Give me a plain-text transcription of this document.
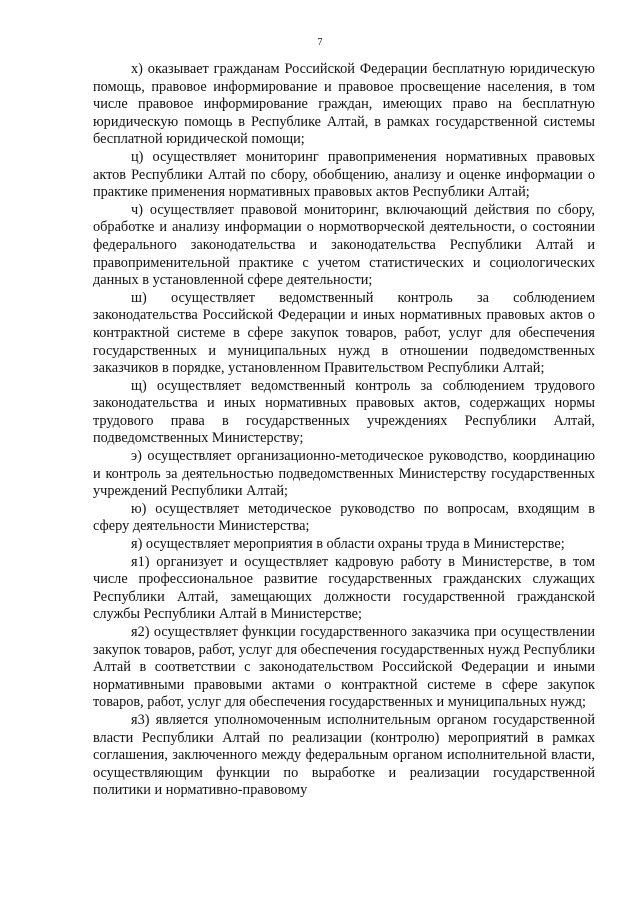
7

х) оказывает гражданам Российской Федерации бесплатную юридическую помощь, правовое информирование и правовое просвещение населения, в том числе правовое информирование граждан, имеющих право на бесплатную юридическую помощь в Республике Алтай, в рамках государственной системы бесплатной юридической помощи;

ц) осуществляет мониторинг правоприменения нормативных правовых актов Республики Алтай по сбору, обобщению, анализу и оценке информации о практике применения нормативных правовых актов Республики Алтай;

ч) осуществляет правовой мониторинг, включающий действия по сбору, обработке и анализу информации о нормотворческой деятельности, о состоянии федерального законодательства и законодательства Республики Алтай и правоприменительной практике с учетом статистических и социологических данных в установленной сфере деятельности;

ш) осуществляет ведомственный контроль за соблюдением законодательства Российской Федерации и иных нормативных правовых актов о контрактной системе в сфере закупок товаров, работ, услуг для обеспечения государственных и муниципальных нужд в отношении подведомственных заказчиков в порядке, установленном Правительством Республики Алтай;

щ) осуществляет ведомственный контроль за соблюдением трудового законодательства и иных нормативных правовых актов, содержащих нормы трудового права в государственных учреждениях Республики Алтай, подведомственных Министерству;

э) осуществляет организационно-методическое руководство, координацию и контроль за деятельностью подведомственных Министерству государственных учреждений Республики Алтай;

ю) осуществляет методическое руководство по вопросам, входящим в сферу деятельности Министерства;

я) осуществляет мероприятия в области охраны труда в Министерстве;

я1) организует и осуществляет кадровую работу в Министерстве, в том числе профессиональное развитие государственных гражданских служащих Республики Алтай, замещающих должности государственной гражданской службы Республики Алтай в Министерстве;

я2) осуществляет функции государственного заказчика при осуществлении закупок товаров, работ, услуг для обеспечения государственных нужд Республики Алтай в соответствии с законодательством Российской Федерации и иными нормативными правовыми актами о контрактной системе в сфере закупок товаров, работ, услуг для обеспечения государственных и муниципальных нужд;

я3) является уполномоченным исполнительным органом государственной власти Республики Алтай по реализации (контролю) мероприятий в рамках соглашения, заключенного между федеральным органом исполнительной власти, осуществляющим функции по выработке и реализации государственной политики и нормативно-правовому
